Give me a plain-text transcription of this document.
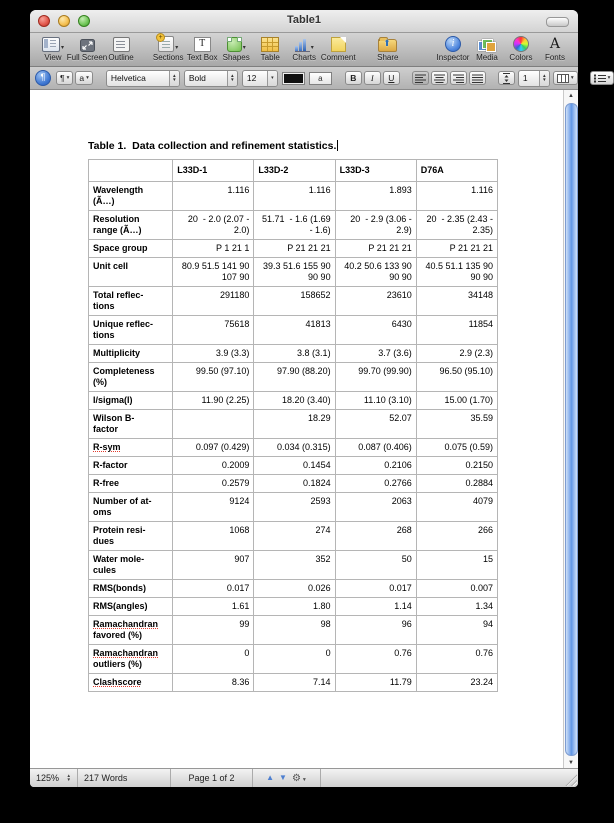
Table1
▾
View Full Screen Outline
+
▾
Sections
T
Text Box
▾
Shapes Table
▾
Charts Comment
⬆	Share
i
Inspector Media Colors
A
Fonts
¶	¶ ▾ a ▾	Helvetica	▲
▼	Bold	▲
▼	12	▾	a	B	I	U	1	▲
▼	▾	▾
Table 1.  Data collection and refinement statistics.
	L33D-1	L33D-2	L33D-3	D76A
Wavelength
(Ã…)	1.116	1.116	1.893	1.116
Resolution
range (Ã…)	20  - 2.0 (2.07 - 2.0)	51.71  - 1.6 (1.69 - 1.6)	20  - 2.9 (3.06 - 2.9)	20  - 2.35 (2.43 - 2.35)
Space group	P 1 21 1	P 21 21 21	P 21 21 21	P 21 21 21
Unit cell	80.9 51.5 141 90 107 90	39.3 51.6 155 90 90 90	40.2 50.6 133 90 90 90	40.5 51.1 135 90 90 90
Total reflec-
tions	291180	158652	23610	34148
Unique reflec-
tions	75618	41813	6430	11854
Multiplicity	3.9 (3.3)	3.8 (3.1)	3.7 (3.6)	2.9 (2.3)
Completeness
(%)	99.50 (97.10)	97.90 (88.20)	99.70 (99.90)	96.50 (95.10)
I/sigma(I)	11.90 (2.25)	18.20 (3.40)	11.10 (3.10)	15.00 (1.70)
Wilson B-
factor		18.29	52.07	35.59
R-sym	0.097 (0.429)	0.034 (0.315)	0.087 (0.406)	0.075 (0.59)
R-factor	0.2009	0.1454	0.2106	0.2150
R-free	0.2579	0.1824	0.2766	0.2884
Number of at-
oms	9124	2593	2063	4079
Protein resi-
dues	1068	274	268	266
Water mole-
cules	907	352	50	15
RMS(bonds)	0.017	0.026	0.017	0.007
RMS(angles)	1.61	1.80	1.14	1.34
Ramachandran
favored (%)	99	98	96	94
Ramachandran
outliers (%)	0	0	0.76	0.76
Clashscore	8.36	7.14	11.79	23.24
▲
▼
125% ▲
▼ 217 Words	Page 1 of 2	▲ ▼ ⚙▼
